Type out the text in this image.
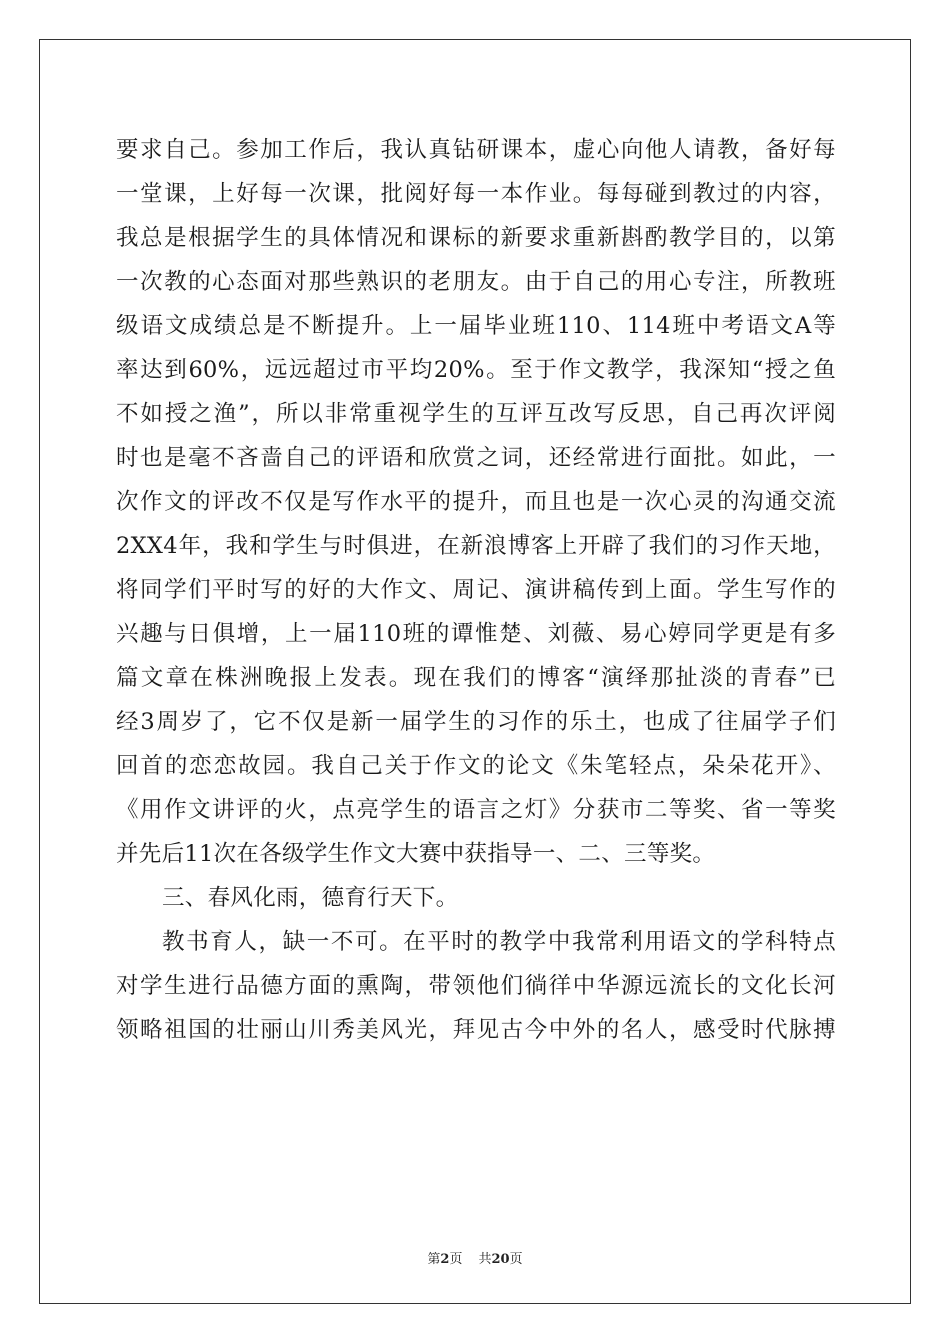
要求自己。参加工作后，我认真钻研课本，虚心向他人请教，备好每
一堂课，上好每一次课，批阅好每一本作业。每每碰到教过的内容，
我总是根据学生的具体情况和课标的新要求重新斟酌教学目的，以第
一次教的心态面对那些熟识的老朋友。由于自己的用心专注，所教班
级语文成绩总是不断提升。上一届毕业班110、114班中考语文A等
率达到60%，远远超过市平均20%。至于作文教学，我深知“授之鱼
不如授之渔”，所以非常重视学生的互评互改写反思，自己再次评阅
时也是毫不吝啬自己的评语和欣赏之词，还经常进行面批。如此，一
次作文的评改不仅是写作水平的提升，而且也是一次心灵的沟通交流
2XX4年，我和学生与时俱进，在新浪博客上开辟了我们的习作天地，
将同学们平时写的好的大作文、周记、演讲稿传到上面。学生写作的
兴趣与日俱增，上一届110班的谭惟楚、刘薇、易心婷同学更是有多
篇文章在株洲晚报上发表。现在我们的博客“演绎那扯淡的青春”已
经3周岁了，它不仅是新一届学生的习作的乐土，也成了往届学子们
回首的恋恋故园。我自己关于作文的论文《朱笔轻点，朵朵花开》、
《用作文讲评的火，点亮学生的语言之灯》分获市二等奖、省一等奖
并先后11次在各级学生作文大赛中获指导一、二、三等奖。
三、春风化雨，德育行天下。
教书育人，缺一不可。在平时的教学中我常利用语文的学科特点
对学生进行品德方面的熏陶，带领他们徜徉中华源远流长的文化长河
领略祖国的壮丽山川秀美风光，拜见古今中外的名人，感受时代脉搏
第2页 共20页
